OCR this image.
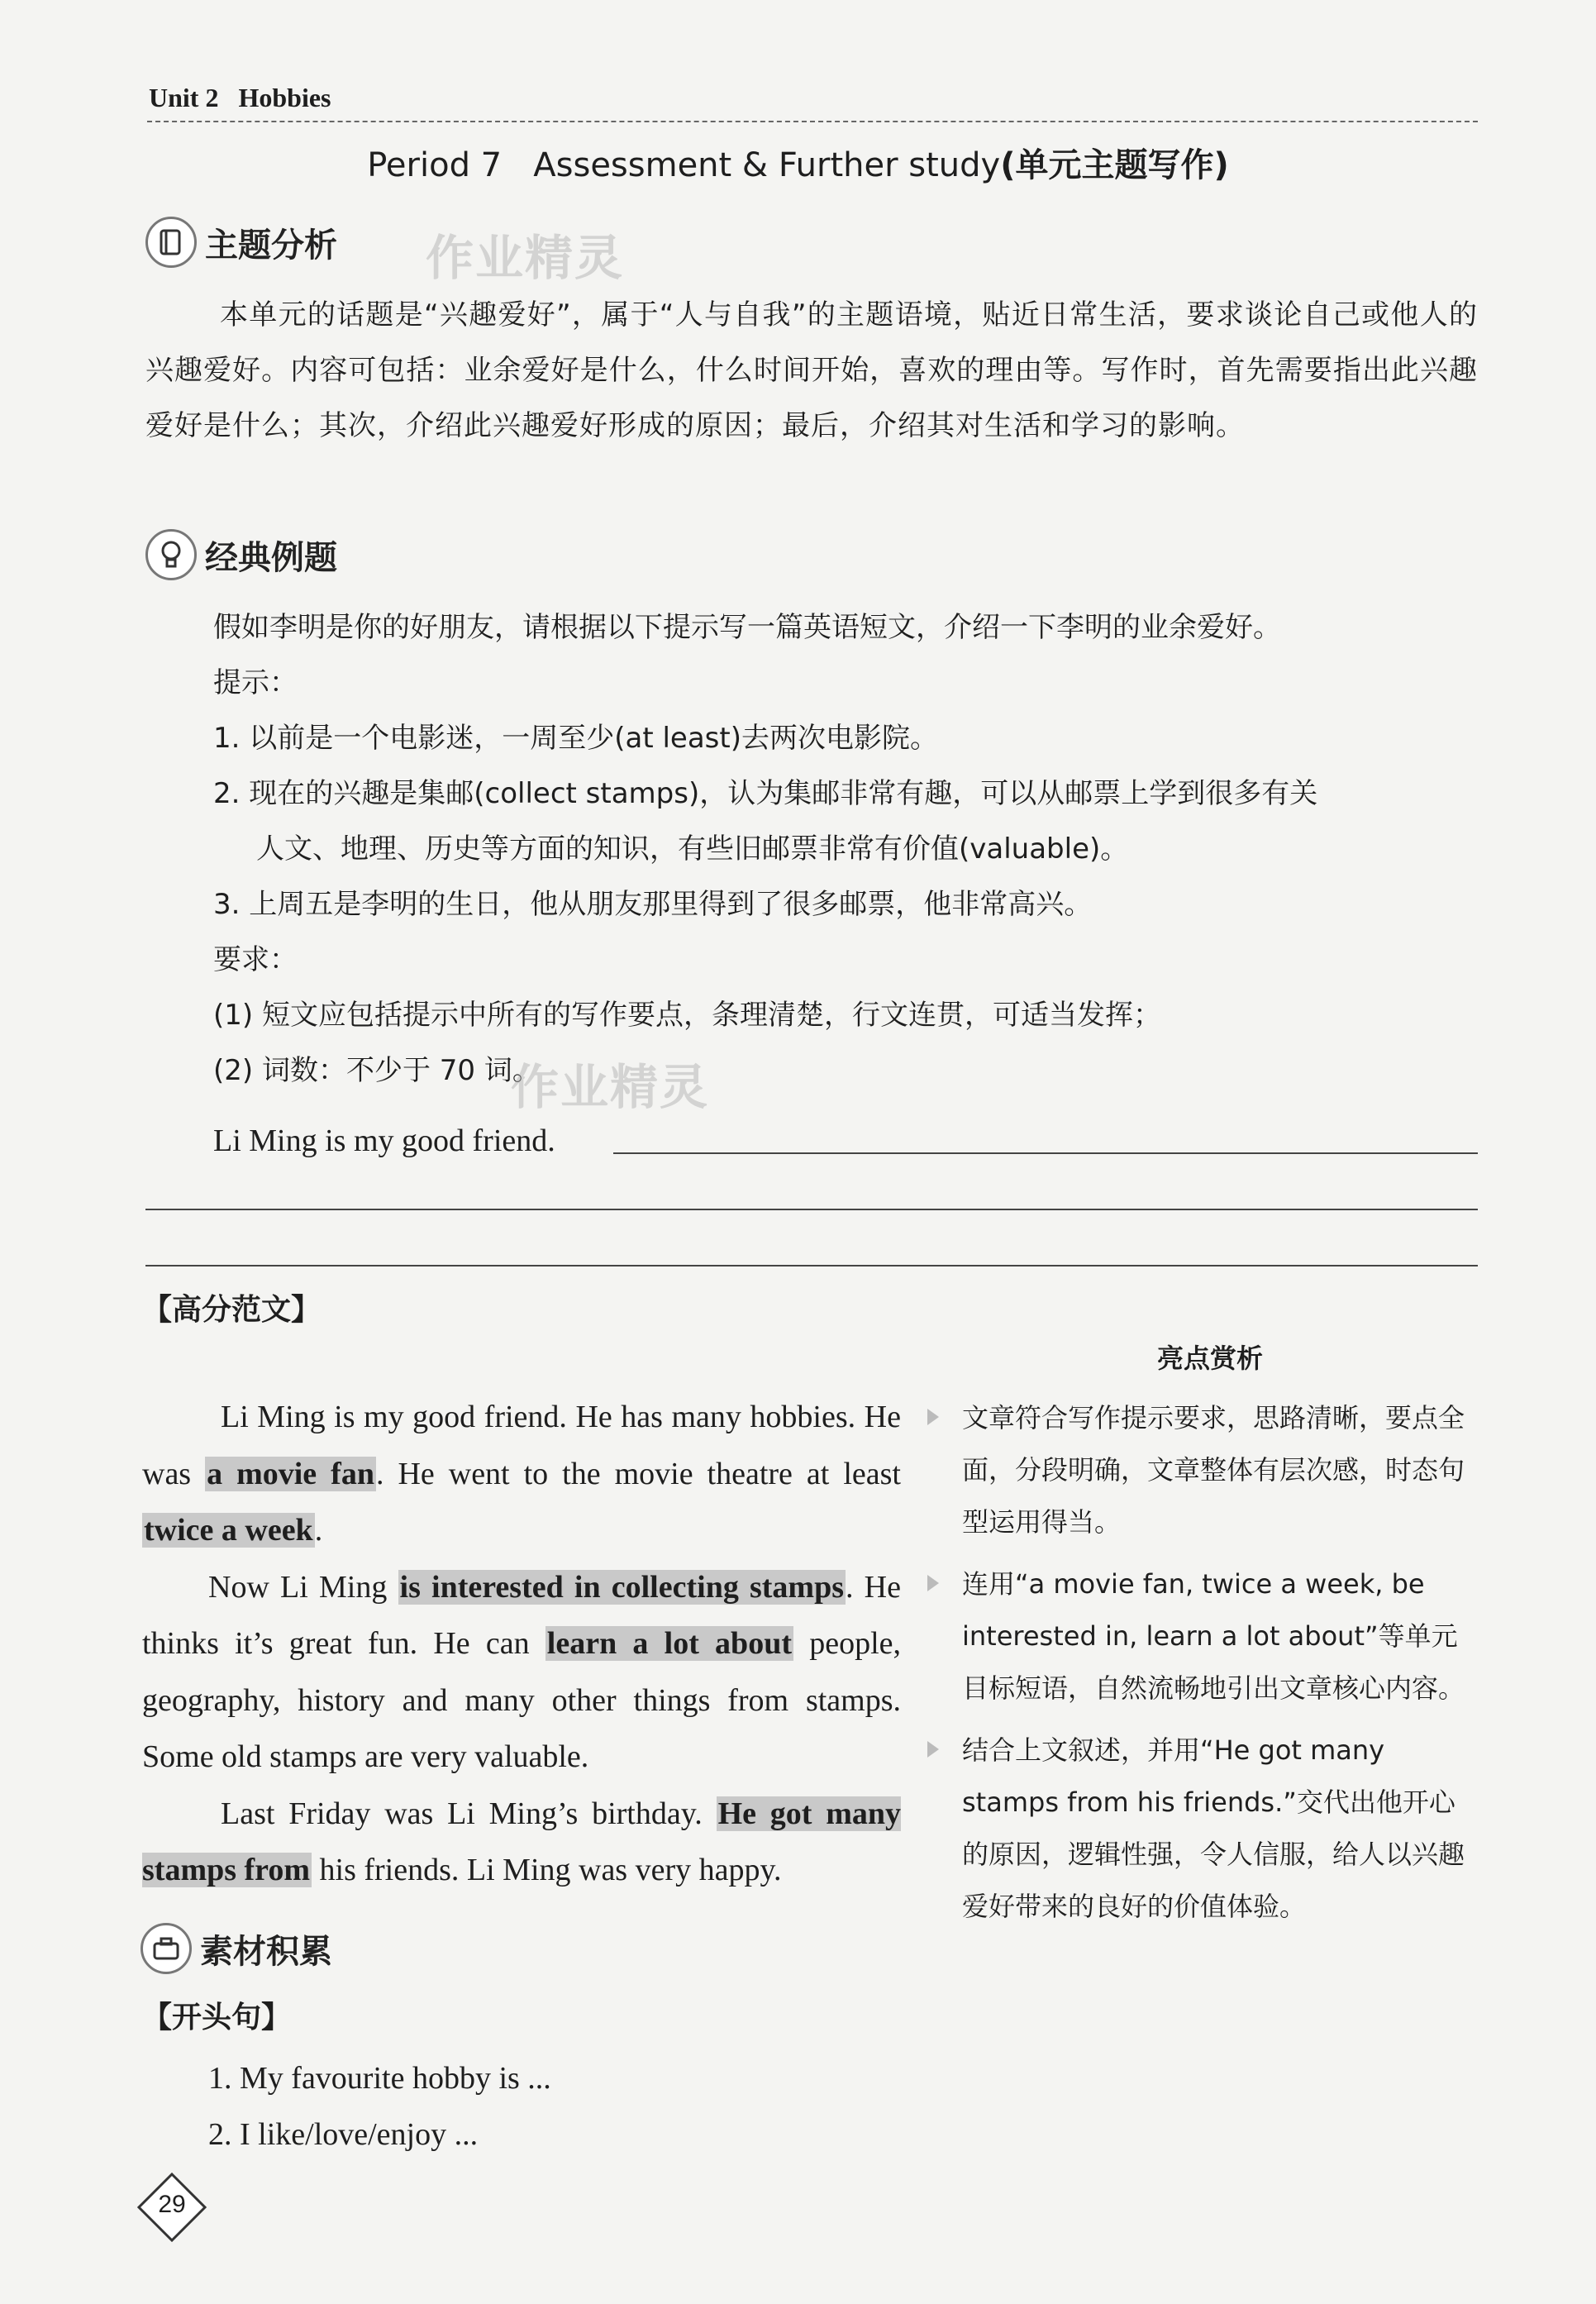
Unit 2   Hobbies
Period 7   Assessment & Further study(单元主题写作)
主题分析 作业精灵
本单元的话题是“兴趣爱好”，属于“人与自我”的主题语境，贴近日常生活，要求谈论自己或他人的兴趣爱好。内容可包括：业余爱好是什么，什么时间开始，喜欢的理由等。写作时，首先需要指出此兴趣爱好是什么；其次，介绍此兴趣爱好形成的原因；最后，介绍其对生活和学习的影响。
经典例题
假如李明是你的好朋友，请根据以下提示写一篇英语短文，介绍一下李明的业余爱好。
提示：
1. 以前是一个电影迷，一周至少(at least)去两次电影院。
2. 现在的兴趣是集邮(collect stamps)，认为集邮非常有趣，可以从邮票上学到很多有关
人文、地理、历史等方面的知识，有些旧邮票非常有价值(valuable)。
3. 上周五是李明的生日，他从朋友那里得到了很多邮票，他非常高兴。
要求：
(1) 短文应包括提示中所有的写作要点，条理清楚，行文连贯，可适当发挥；
(2) 词数：不少于 70 词。
作业精灵
Li Ming is my good friend.
【高分范文】

Li Ming is my good friend. He has many hobbies. He was a movie fan. He went to the movie theatre at least twice a week.

Now Li Ming is interested in collecting stamps. He thinks it’s great fun. He can learn a lot about people, geography, history and many other things from stamps. Some old stamps are very valuable.

Last Friday was Li Ming’s birthday. He got many stamps from his friends. Li Ming was very happy.

亮点赏析
文章符合写作提示要求，思路清晰，要点全面，分段明确，文章整体有层次感，时态句型运用得当。
连用“a movie fan, twice a week, be interested in, learn a lot about”等单元目标短语，自然流畅地引出文章核心内容。
结合上文叙述，并用“He got many stamps from his friends.”交代出他开心的原因，逻辑性强，令人信服，给人以兴趣爱好带来的良好的价值体验。
素材积累
【开头句】
1. My favourite hobby is ...
2. I like/love/enjoy ...
29
